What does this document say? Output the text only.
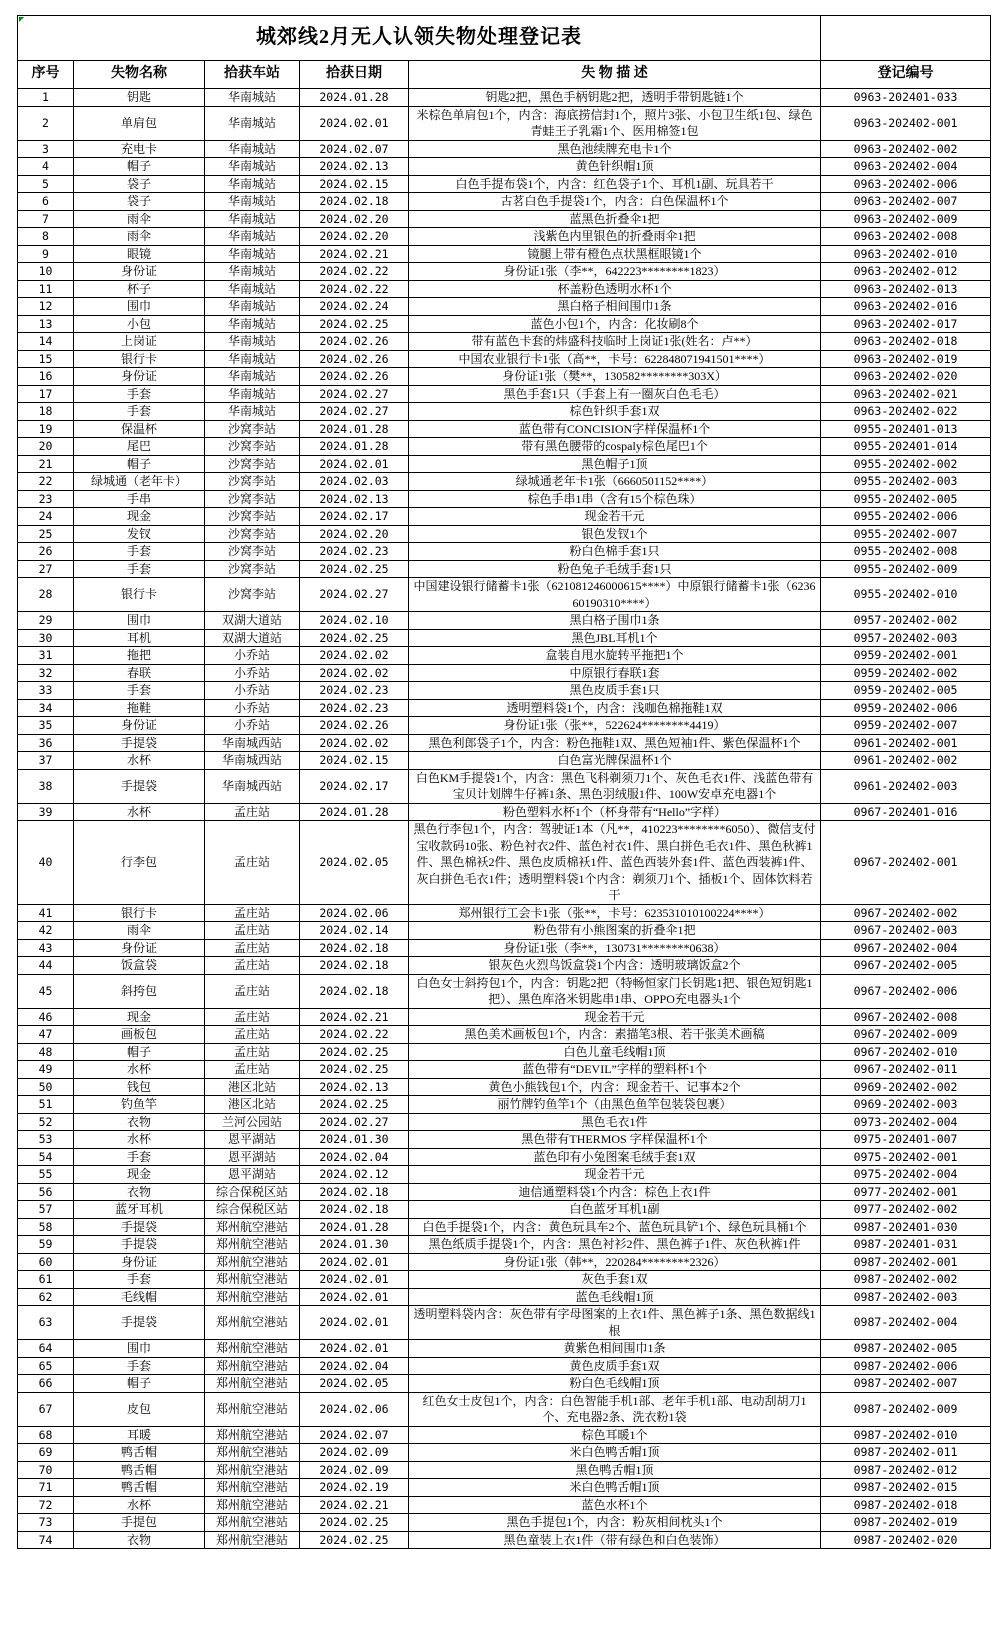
城郊线2月无人认领失物处理登记表					
序号	失物名称	拾获车站	拾获日期	失 物 描 述	登记编号
1	钥匙	华南城站	2024.01.28	钥匙2把，黑色手柄钥匙2把，透明手带钥匙链1个	0963-202401-033
2	单肩包	华南城站	2024.02.01	米棕色单肩包1个，内含：海底捞信封1个，照片3张、小包卫生纸1包、绿色青蛙王子乳霜1个、医用棉签1包	0963-202402-001
3	充电卡	华南城站	2024.02.07	黑色池续牌充电卡1个	0963-202402-002
4	帽子	华南城站	2024.02.13	黄色针织帽1顶	0963-202402-004
5	袋子	华南城站	2024.02.15	白色手提布袋1个，内含：红色袋子1个、耳机1副、玩具若干	0963-202402-006
6	袋子	华南城站	2024.02.18	古茗白色手提袋1个，内含：白色保温杯1个	0963-202402-007
7	雨伞	华南城站	2024.02.20	蓝黑色折叠伞1把	0963-202402-009
8	雨伞	华南城站	2024.02.20	浅紫色内里银色的折叠雨伞1把	0963-202402-008
9	眼镜	华南城站	2024.02.21	镜腿上带有橙色点状黑框眼镜1个	0963-202402-010
10	身份证	华南城站	2024.02.22	身份证1张（李**，642223********1823）	0963-202402-012
11	杯子	华南城站	2024.02.22	杯盖粉色透明水杯1个	0963-202402-013
12	围巾	华南城站	2024.02.24	黑白格子相间围巾1条	0963-202402-016
13	小包	华南城站	2024.02.25	蓝色小包1个，内含：化妆刷8个	0963-202402-017
14	上岗证	华南城站	2024.02.26	带有蓝色卡套的炜盛科技临时上岗证1张(姓名：卢**）	0963-202402-018
15	银行卡	华南城站	2024.02.26	中国农业银行卡1张（高**，卡号：622848071941501****）	0963-202402-019
16	身份证	华南城站	2024.02.26	身份证1张（樊**，130582********303X）	0963-202402-020
17	手套	华南城站	2024.02.27	黑色手套1只（手套上有一圈灰白色毛毛）	0963-202402-021
18	手套	华南城站	2024.02.27	棕色针织手套1双	0963-202402-022
19	保温杯	沙窝李站	2024.01.28	蓝色带有CONCISION字样保温杯1个	0955-202401-013
20	尾巴	沙窝李站	2024.01.28	带有黑色腰带的cospaly棕色尾巴1个	0955-202401-014
21	帽子	沙窝李站	2024.02.01	黑色帽子1顶	0955-202402-002
22	绿城通（老年卡）	沙窝李站	2024.02.03	绿城通老年卡1张（6660501152****）	0955-202402-003
23	手串	沙窝李站	2024.02.13	棕色手串1串（含有15个棕色珠）	0955-202402-005
24	现金	沙窝李站	2024.02.17	现金若干元	0955-202402-006
25	发钗	沙窝李站	2024.02.20	银色发钗1个	0955-202402-007
26	手套	沙窝李站	2024.02.23	粉白色棉手套1只	0955-202402-008
27	手套	沙窝李站	2024.02.25	粉色兔子毛绒手套1只	0955-202402-009
28	银行卡	沙窝李站	2024.02.27	中国建设银行储蓄卡1张（621081246000615****）中原银行储蓄卡1张（623660190310****）	0955-202402-010
29	围巾	双湖大道站	2024.02.10	黑白格子围巾1条	0957-202402-002
30	耳机	双湖大道站	2024.02.25	黑色JBL耳机1个	0957-202402-003
31	拖把	小乔站	2024.02.02	盒装自甩水旋转平拖把1个	0959-202402-001
32	春联	小乔站	2024.02.02	中原银行春联1套	0959-202402-002
33	手套	小乔站	2024.02.23	黑色皮质手套1只	0959-202402-005
34	拖鞋	小乔站	2024.02.23	透明塑料袋1个，内含：浅咖色棉拖鞋1双	0959-202402-006
35	身份证	小乔站	2024.02.26	身份证1张（张**，522624********4419）	0959-202402-007
36	手提袋	华南城西站	2024.02.02	黑色利郎袋子1个，内含：粉色拖鞋1双、黑色短袖1件、紫色保温杯1个	0961-202402-001
37	水杯	华南城西站	2024.02.15	白色富光牌保温杯1个	0961-202402-002
38	手提袋	华南城西站	2024.02.17	白色KM手提袋1个，内含：黑色飞科剃须刀1个、灰色毛衣1件、浅蓝色带有宝贝计划牌牛仔裤1条、黑色羽绒服1件、100W安卓充电器1个	0961-202402-003
39	水杯	孟庄站	2024.01.28	粉色塑料水杯1个（杯身带有“Hello”字样）	0967-202401-016
40	行李包	孟庄站	2024.02.05	黑色行李包1个，内含：驾驶证1本（凡**，410223********6050）、微信支付宝收款码10张、粉色衬衣2件、蓝色衬衣1件、黑白拼色毛衣1件、黑色秋裤1件、黑色棉袄2件、黑色皮质棉袄1件、蓝色西装外套1件、蓝色西装裤1件、灰白拼色毛衣1件；透明塑料袋1个内含：剃须刀1个、插板1个、固体饮料若干	0967-202402-001
41	银行卡	孟庄站	2024.02.06	郑州银行工会卡1张（张**，卡号：623531010100224****）	0967-202402-002
42	雨伞	孟庄站	2024.02.14	粉色带有小熊图案的折叠伞1把	0967-202402-003
43	身份证	孟庄站	2024.02.18	身份证1张（李**，130731********0638）	0967-202402-004
44	饭盒袋	孟庄站	2024.02.18	银灰色火烈鸟饭盒袋1个内含：透明玻璃饭盒2个	0967-202402-005
45	斜挎包	孟庄站	2024.02.18	白色女士斜挎包1个，内含：钥匙2把（特畅恒家门长钥匙1把、银色短钥匙1把）、黑色库洛米钥匙串1串、OPPO充电器头1个	0967-202402-006
46	现金	孟庄站	2024.02.21	现金若干元	0967-202402-008
47	画板包	孟庄站	2024.02.22	黑色美术画板包1个，内含：素描笔3根、若干张美术画稿	0967-202402-009
48	帽子	孟庄站	2024.02.25	白色儿童毛线帽1顶	0967-202402-010
49	水杯	孟庄站	2024.02.25	蓝色带有“DEVIL”字样的塑料杯1个	0967-202402-011
50	钱包	港区北站	2024.02.13	黄色小熊钱包1个，内含：现金若干、记事本2个	0969-202402-002
51	钓鱼竿	港区北站	2024.02.25	丽竹牌钓鱼竿1个（由黑色鱼竿包装袋包裹）	0969-202402-003
52	衣物	兰河公园站	2024.02.27	黑色毛衣1件	0973-202402-004
53	水杯	恩平湖站	2024.01.30	黑色带有THERMOS 字样保温杯1个	0975-202401-007
54	手套	恩平湖站	2024.02.04	蓝色印有小兔图案毛绒手套1双	0975-202402-001
55	现金	恩平湖站	2024.02.12	现金若干元	0975-202402-004
56	衣物	综合保税区站	2024.02.18	迪信通塑料袋1个内含：棕色上衣1件	0977-202402-001
57	蓝牙耳机	综合保税区站	2024.02.18	白色蓝牙耳机1副	0977-202402-002
58	手提袋	郑州航空港站	2024.01.28	白色手提袋1个，内含：黄色玩具车2个、蓝色玩具铲1个、绿色玩具桶1个	0987-202401-030
59	手提袋	郑州航空港站	2024.01.30	黑色纸质手提袋1个，内含：黑色衬衫2件、黑色裤子1件、灰色秋裤1件	0987-202401-031
60	身份证	郑州航空港站	2024.02.01	身份证1张（韩**，220284********2326）	0987-202402-001
61	手套	郑州航空港站	2024.02.01	灰色手套1双	0987-202402-002
62	毛线帽	郑州航空港站	2024.02.01	蓝色毛线帽1顶	0987-202402-003
63	手提袋	郑州航空港站	2024.02.01	透明塑料袋内含：灰色带有字母图案的上衣1件、黑色裤子1条、黑色数据线1根	0987-202402-004
64	围巾	郑州航空港站	2024.02.01	黄紫色相间围巾1条	0987-202402-005
65	手套	郑州航空港站	2024.02.04	黄色皮质手套1双	0987-202402-006
66	帽子	郑州航空港站	2024.02.05	粉白色毛线帽1顶	0987-202402-007
67	皮包	郑州航空港站	2024.02.06	红色女士皮包1个，内含：白色智能手机1部、老年手机1部、电动刮胡刀1个、充电器2条、洗衣粉1袋	0987-202402-009
68	耳暖	郑州航空港站	2024.02.07	棕色耳暖1个	0987-202402-010
69	鸭舌帽	郑州航空港站	2024.02.09	米白色鸭舌帽1顶	0987-202402-011
70	鸭舌帽	郑州航空港站	2024.02.09	黑色鸭舌帽1顶	0987-202402-012
71	鸭舌帽	郑州航空港站	2024.02.19	米白色鸭舌帽1顶	0987-202402-015
72	水杯	郑州航空港站	2024.02.21	蓝色水杯1个	0987-202402-018
73	手提包	郑州航空港站	2024.02.25	黑色手提包1个，内含：粉灰相间枕头1个	0987-202402-019
74	衣物	郑州航空港站	2024.02.25	黑色童装上衣1件（带有绿色和白色装饰）	0987-202402-020
